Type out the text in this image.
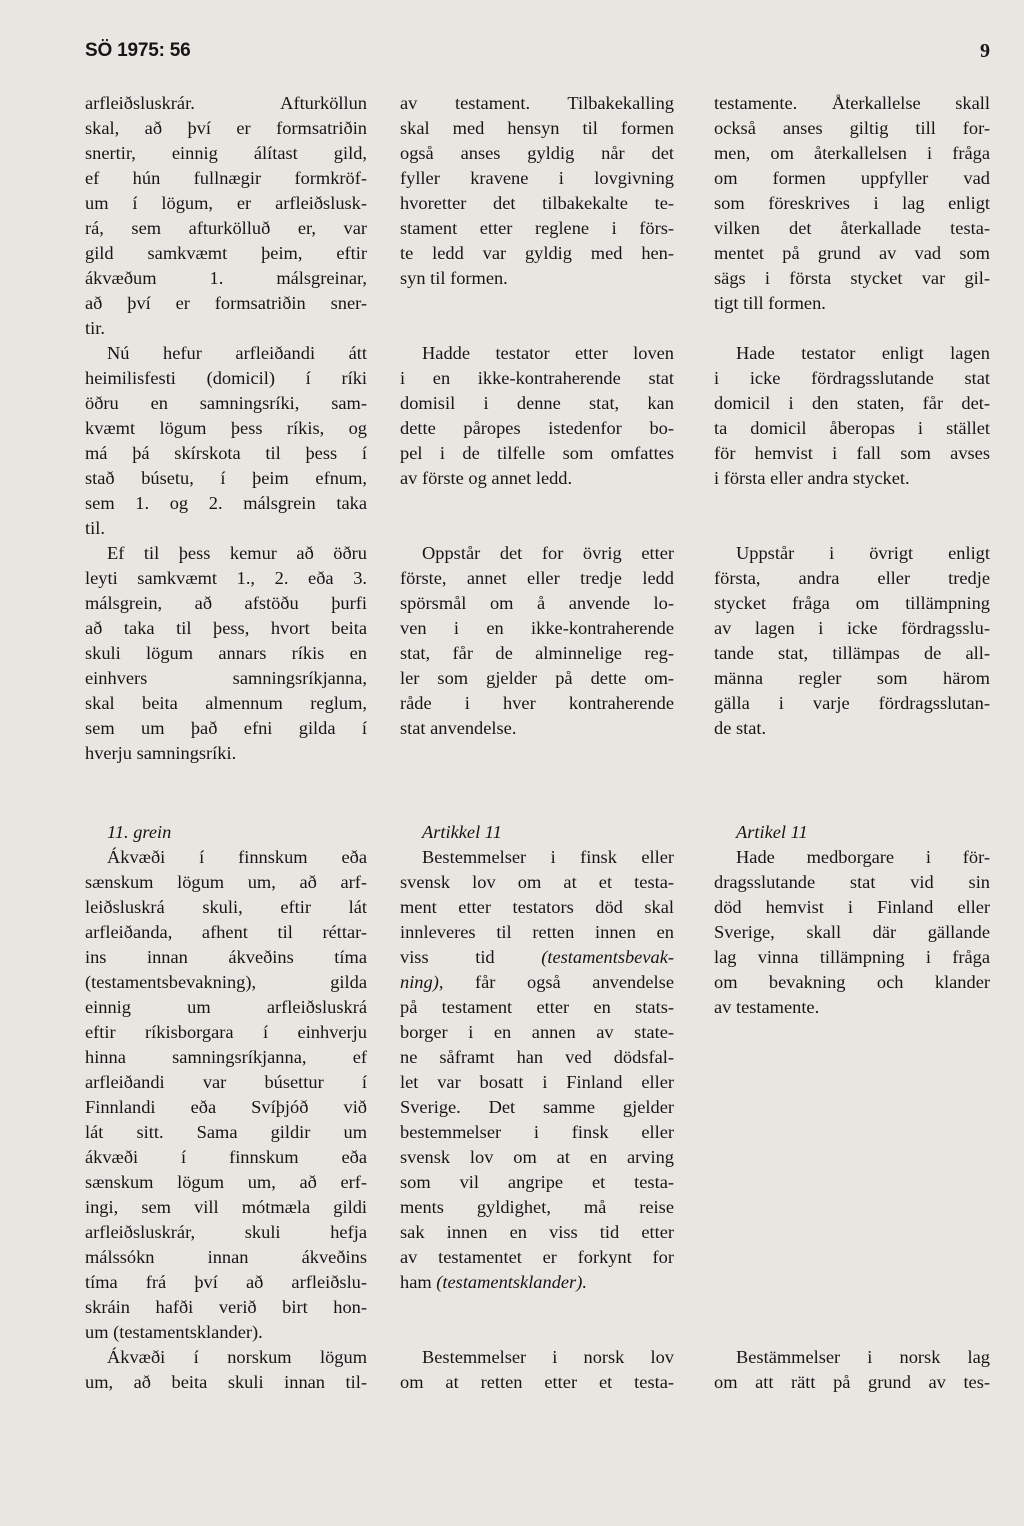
SÖ 1975: 56	9
arfleiðsluskrár. Afturköllun
skal, að því er formsatriðin
snertir, einnig álítast gild,
ef hún fullnægir formkröf-
um í lögum, er arfleiðslusk-
rá, sem afturkölluð er, var
gild samkvæmt þeim, eftir
ákvæðum 1. málsgreinar,
að því er formsatriðin sner-
tir.
Nú hefur arfleiðandi átt
heimilisfesti (domicil) í ríki
öðru en samningsríki, sam-
kvæmt lögum þess ríkis, og
má þá skírskota til þess í
stað búsetu, í þeim efnum,
sem 1. og 2. málsgrein taka
til.
Ef til þess kemur að öðru
leyti samkvæmt 1., 2. eða 3.
málsgrein, að afstöðu þurfi
að taka til þess, hvort beita
skuli lögum annars ríkis en
einhvers samningsríkjanna,
skal beita almennum reglum,
sem um það efni gilda í
hverju samningsríki.
11. grein
Ákvæði í finnskum eða
sænskum lögum um, að arf-
leiðsluskrá skuli, eftir lát
arfleiðanda, afhent til réttar-
ins innan ákveðins tíma
(testamentsbevakning), gilda
einnig um arfleiðsluskrá
eftir ríkisborgara í einhverju
hinna samningsríkjanna, ef
arfleiðandi var búsettur í
Finnlandi eða Svíþjóð við
lát sitt. Sama gildir um
ákvæði í finnskum eða
sænskum lögum um, að erf-
ingi, sem vill mótmæla gildi
arfleiðsluskrár, skuli hefja
málssókn innan ákveðins
tíma frá því að arfleiðslu-
skráin hafði verið birt hon-
um (testamentsklander).
Ákvæði í norskum lögum
um, að beita skuli innan til-
av testament. Tilbakekalling
skal med hensyn til formen
også anses gyldig når det
fyller kravene i lovgivning
hvoretter det tilbakekalte te-
stament etter reglene i förs-
te ledd var gyldig med hen-
syn til formen.
Hadde testator etter loven
i en ikke-kontraherende stat
domisil i denne stat, kan
dette påropes istedenfor bo-
pel i de tilfelle som omfattes
av förste og annet ledd.
Oppstår det for övrig etter
förste, annet eller tredje ledd
spörsmål om å anvende lo-
ven i en ikke-kontraherende
stat, får de alminnelige reg-
ler som gjelder på dette om-
råde i hver kontraherende
stat anvendelse.
Artikkel 11
Bestemmelser i finsk eller
svensk lov om at et testa-
ment etter testators död skal
innleveres til retten innen en
viss tid (testamentsbevak-
ning), får også anvendelse
på testament etter en stats-
borger i en annen av state-
ne såframt han ved dödsfal-
let var bosatt i Finland eller
Sverige. Det samme gjelder
bestemmelser i finsk eller
svensk lov om at en arving
som vil angripe et testa-
ments gyldighet, må reise
sak innen en viss tid etter
av testamentet er forkynt for
ham (testamentsklander).
Bestemmelser i norsk lov
om at retten etter et testa-
testamente. Återkallelse skall
också anses giltig till for-
men, om återkallelsen i fråga
om formen uppfyller vad
som föreskrives i lag enligt
vilken det återkallade testa-
mentet på grund av vad som
sägs i första stycket var gil-
tigt till formen.
Hade testator enligt lagen
i icke fördragsslutande stat
domicil i den staten, får det-
ta domicil åberopas i stället
för hemvist i fall som avses
i första eller andra stycket.
Uppstår i övrigt enligt
första, andra eller tredje
stycket fråga om tillämpning
av lagen i icke fördragsslu-
tande stat, tillämpas de all-
männa regler som härom
gälla i varje fördragsslutan-
de stat.
Artikel 11
Hade medborgare i för-
dragsslutande stat vid sin
död hemvist i Finland eller
Sverige, skall där gällande
lag vinna tillämpning i fråga
om bevakning och klander
av testamente.
Bestämmelser i norsk lag
om att rätt på grund av tes-
